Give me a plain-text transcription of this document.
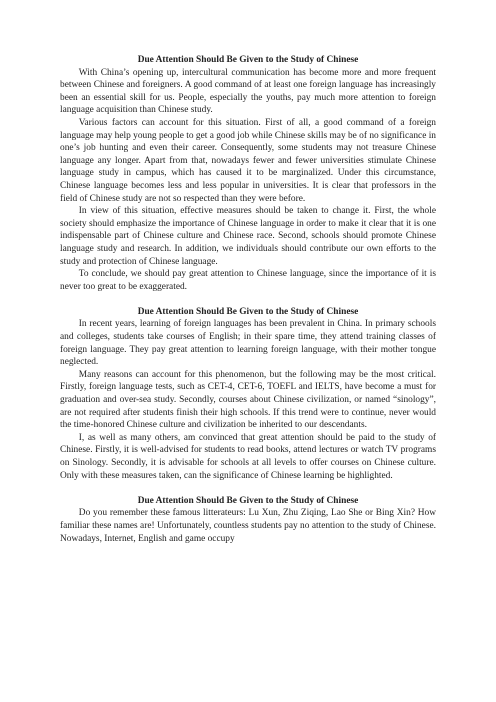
Due Attention Should Be Given to the Study of Chinese

With China’s opening up, intercultural communication has become more and more frequent between Chinese and foreigners. A good command of at least one foreign language has increasingly been an essential skill for us. People, especially the youths, pay much more attention to foreign language acquisition than Chinese study.

Various factors can account for this situation. First of all, a good command of a foreign language may help young people to get a good job while Chinese skills may be of no significance in one’s job hunting and even their career. Consequently, some students may not treasure Chinese language any longer. Apart from that, nowadays fewer and fewer universities stimulate Chinese language study in campus, which has caused it to be marginalized. Under this circumstance, Chinese language becomes less and less popular in universities. It is clear that professors in the field of Chinese study are not so respected than they were before.

In view of this situation, effective measures should be taken to change it. First, the whole society should emphasize the importance of Chinese language in order to make it clear that it is one indispensable part of Chinese culture and Chinese race. Second, schools should promote Chinese language study and research. In addition, we individuals should contribute our own efforts to the study and protection of Chinese language.

To conclude, we should pay great attention to Chinese language, since the importance of it is never too great to be exaggerated.

Due Attention Should Be Given to the Study of Chinese

In recent years, learning of foreign languages has been prevalent in China. In primary schools and colleges, students take courses of English; in their spare time, they attend training classes of foreign language. They pay great attention to learning foreign language, with their mother tongue neglected.

Many reasons can account for this phenomenon, but the following may be the most critical. Firstly, foreign language tests, such as CET-4, CET-6, TOEFL and IELTS, have become a must for graduation and over-sea study. Secondly, courses about Chinese civilization, or named “sinology”, are not required after students finish their high schools. If this trend were to continue, never would the time-honored Chinese culture and civilization be inherited to our descendants.

I, as well as many others, am convinced that great attention should be paid to the study of Chinese. Firstly, it is well-advised for students to read books, attend lectures or watch TV programs on Sinology. Secondly, it is advisable for schools at all levels to offer courses on Chinese culture. Only with these measures taken, can the significance of Chinese learning be highlighted.

Due Attention Should Be Given to the Study of Chinese

Do you remember these famous litterateurs: Lu Xun, Zhu Ziqing, Lao She or Bing Xin? How familiar these names are! Unfortunately, countless students pay no attention to the study of Chinese. Nowadays, Internet, English and game occupy
